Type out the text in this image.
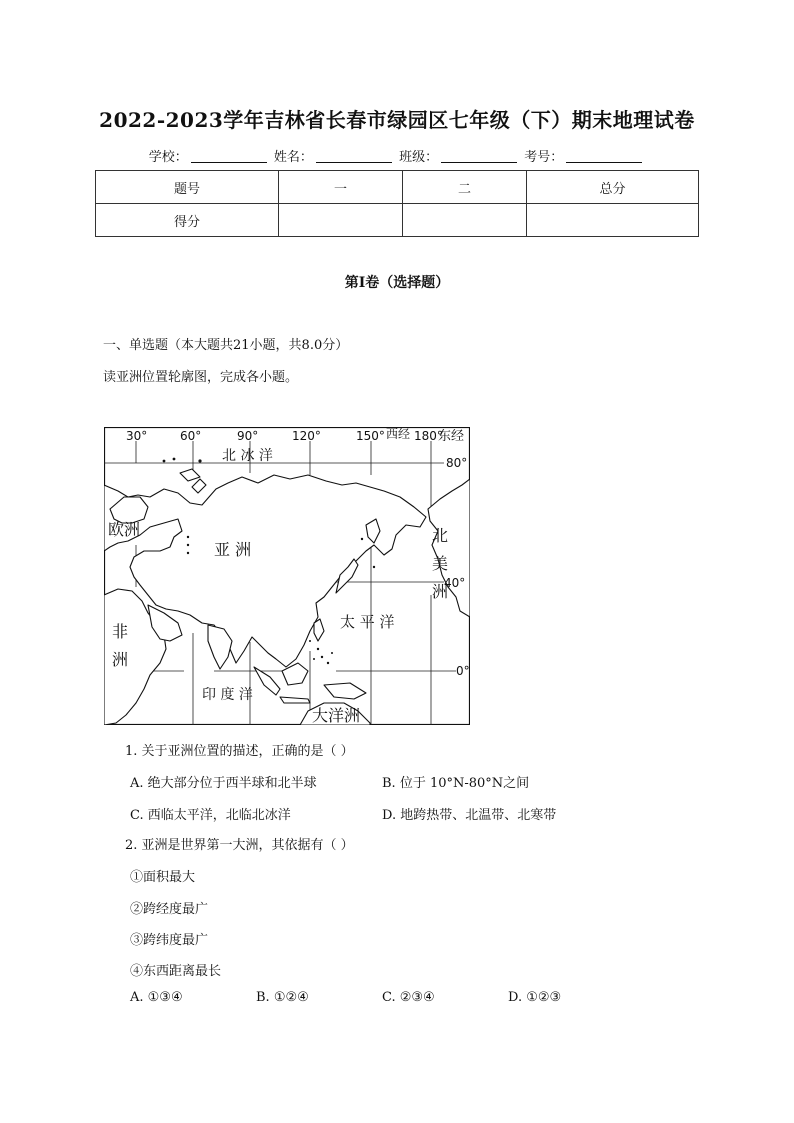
2022-2023学年吉林省长春市绿园区七年级（下）期末地理试卷
学校：	姓名：	班级：	考号：
题号	一	二	总分
得分			
第Ⅰ卷（选择题）
一、单选题（本大题共21小题，共8.0分）
读亚洲位置轮廓图，完成各小题。
30°	60°	90°	120°	150° 西经 180°
东经
80°
40°
0°
北 冰 洋
欧洲
亚 洲
北
美
洲
太 平 洋
非
洲
印 度 洋
大洋洲
1. 关于亚洲位置的描述，正确的是（ ）
A. 绝大部分位于西半球和北半球	B. 位于 10°N-80°N之间
C. 西临太平洋，北临北冰洋	D. 地跨热带、北温带、北寒带
2. 亚洲是世界第一大洲，其依据有（ ）
①面积最大
②跨经度最广
③跨纬度最广
④东西距离最长
A. ①③④	B. ①②④	C. ②③④	D. ①②③
